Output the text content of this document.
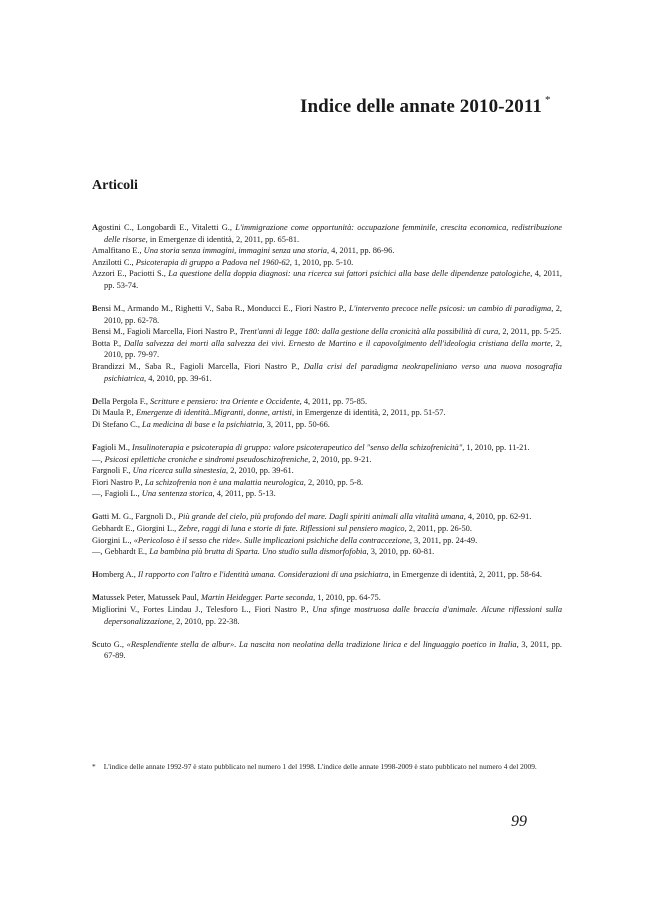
Indice delle annate 2010-2011 *
Articoli
Agostini C., Longobardi E., Vitaletti G., L'immigrazione come opportunità: occupazione femminile, crescita economica, redistribuzione delle risorse, in Emergenze di identità, 2, 2011, pp. 65-81.
Amalfitano E., Una storia senza immagini, immagini senza una storia, 4, 2011, pp. 86-96.
Anzilotti C., Psicoterapia di gruppo a Padova nel 1960-62, 1, 2010, pp. 5-10.
Azzori E., Paciotti S., La questione della doppia diagnosi: una ricerca sui fattori psichici alla base delle dipendenze patologiche, 4, 2011, pp. 53-74.
Bensi M., Armando M., Righetti V., Saba R., Monducci E., Fiori Nastro P., L'intervento precoce nelle psicosi: un cambio di paradigma, 2, 2010, pp. 62-78.
Bensi M., Fagioli Marcella, Fiori Nastro P., Trent'anni di legge 180: dalla gestione della cronicità alla possibilità di cura, 2, 2011, pp. 5-25.
Botta P., Dalla salvezza dei morti alla salvezza dei vivi. Ernesto de Martino e il capovolgimento dell'ideologia cristiana della morte, 2, 2010, pp. 79-97.
Brandizzi M., Saba R., Fagioli Marcella, Fiori Nastro P., Dalla crisi del paradigma neokrapeliniano verso una nuova nosografia psichiatrica, 4, 2010, pp. 39-61.
Della Pergola F., Scritture e pensiero: tra Oriente e Occidente, 4, 2011, pp. 75-85.
Di Maula P., Emergenze di identità..Migranti, donne, artisti, in Emergenze di identità, 2, 2011, pp. 51-57.
Di Stefano C., La medicina di base e la psichiatria, 3, 2011, pp. 50-66.
Fagioli M., Insulinoterapia e psicoterapia di gruppo: valore psicoterapeutico del "senso della schizofrenicità", 1, 2010, pp. 11-21.
—, Psicosi epilettiche croniche e sindromi pseudoschizofreniche, 2, 2010, pp. 9-21.
Fargnoli F., Una ricerca sulla sinestesia, 2, 2010, pp. 39-61.
Fiori Nastro P., La schizofrenia non è una malattia neurologica, 2, 2010, pp. 5-8.
—, Fagioli L., Una sentenza storica, 4, 2011, pp. 5-13.
Gatti M. G., Fargnoli D., Più grande del cielo, più profondo del mare. Dagli spiriti animali alla vitalità umana, 4, 2010, pp. 62-91.
Gebhardt E., Giorgini L., Zebre, raggi di luna e storie di fate. Riflessioni sul pensiero magico, 2, 2011, pp. 26-50.
Giorgini L., «Pericoloso è il sesso che ride». Sulle implicazioni psichiche della contraccezione, 3, 2011, pp. 24-49.
—, Gebhardt E., La bambina più brutta di Sparta. Uno studio sulla dismorfofobia, 3, 2010, pp. 60-81.
Homberg A., Il rapporto con l'altro e l'identità umana. Considerazioni di una psichiatra, in Emergenze di identità, 2, 2011, pp. 58-64.
Matussek Peter, Matussek Paul, Martin Heidegger. Parte seconda, 1, 2010, pp. 64-75.
Migliorini V., Fortes Lindau J., Telesforo L., Fiori Nastro P., Una sfinge mostruosa dalle braccia d'animale. Alcune riflessioni sulla depersonalizzazione, 2, 2010, pp. 22-38.
Scuto G., «Resplendiente stella de albur». La nascita non neolatina della tradizione lirica e del linguaggio poetico in Italia, 3, 2011, pp. 67-89.
* L'indice delle annate 1992-97 è stato pubblicato nel numero 1 del 1998. L'indice delle annate 1998-2009 è stato pubblicato nel numero 4 del 2009.
99
